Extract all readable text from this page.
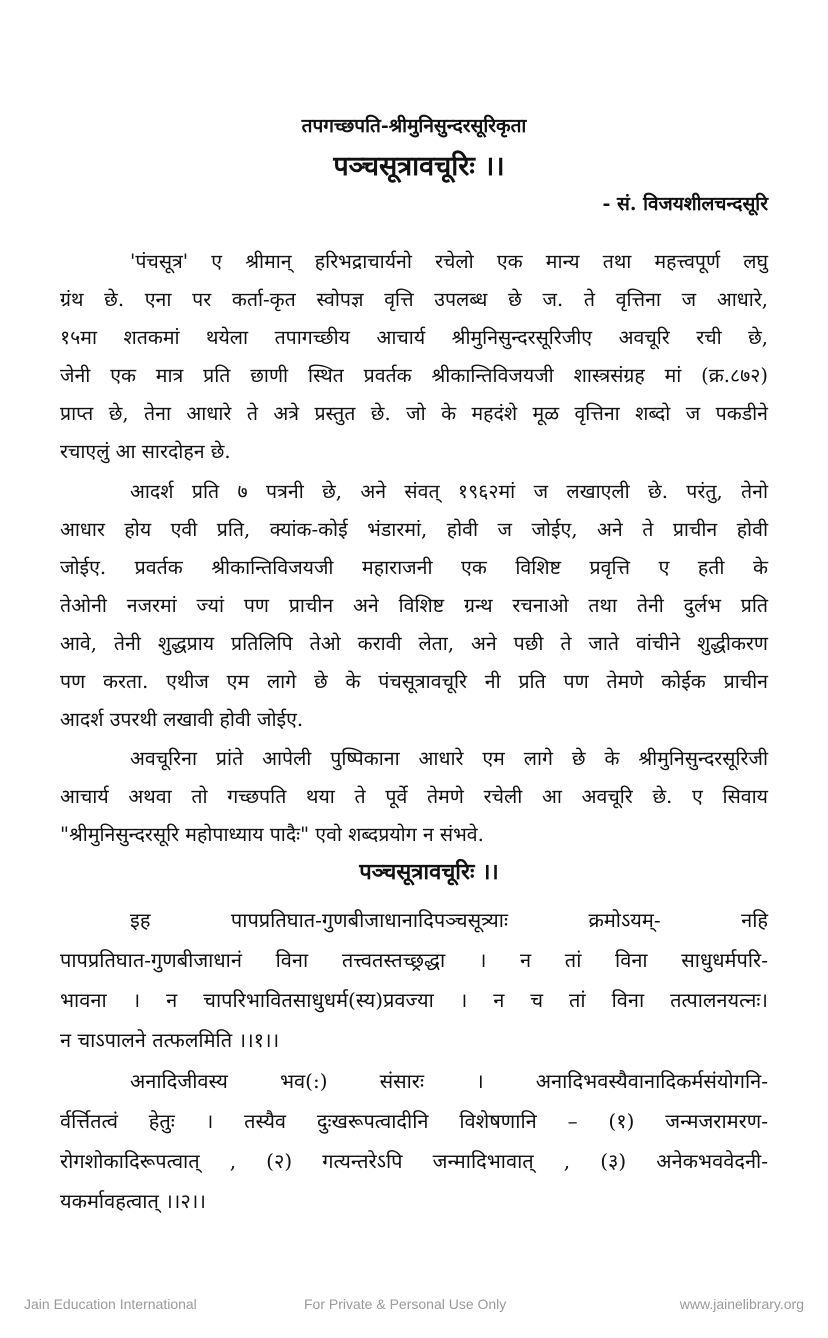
तपगच्छपति-श्रीमुनिसुन्दरसूरिकृता
पञ्चसूत्रावचूरिः ।।
- सं. विजयशीलचन्दसूरि
'पंचसूत्र' ए श्रीमान् हरिभद्राचार्यनो रचेलो एक मान्य तथा महत्त्वपूर्ण लघु
ग्रंथ छे. एना पर कर्ता-कृत स्वोपज्ञ वृत्ति उपलब्ध छे ज. ते वृत्तिना ज आधारे,
१५मा शतकमां थयेला तपागच्छीय आचार्य श्रीमुनिसुन्दरसूरिजीए अवचूरि रची छे,
जेनी एक मात्र प्रति छाणी स्थित प्रवर्तक श्रीकान्तिविजयजी शास्त्रसंग्रह मां (क्र.८७२)
प्राप्त छे, तेना आधारे ते अत्रे प्रस्तुत छे. जो के महदंशे मूळ वृत्तिना शब्दो ज पकडीने
रचाएलुं आ सारदोहन छे.
आदर्श प्रति ७ पत्रनी छे, अने संवत् १९६२मां ज लखाएली छे. परंतु, तेनो
आधार होय एवी प्रति, क्यांक-कोई भंडारमां, होवी ज जोईए, अने ते प्राचीन होवी
जोईए. प्रवर्तक श्रीकान्तिविजयजी महाराजनी एक विशिष्ट प्रवृत्ति ए हती के
तेओनी नजरमां ज्यां पण प्राचीन अने विशिष्ट ग्रन्थ रचनाओ तथा तेनी दुर्लभ प्रति
आवे, तेनी शुद्धप्राय प्रतिलिपि तेओ करावी लेता, अने पछी ते जाते वांचीने शुद्धीकरण
पण करता. एथीज एम लागे छे के पंचसूत्रावचूरि नी प्रति पण तेमणे कोईक प्राचीन
आदर्श उपरथी लखावी होवी जोईए.
अवचूरिना प्रांते आपेली पुष्पिकाना आधारे एम लागे छे के श्रीमुनिसुन्दरसूरिजी
आचार्य अथवा तो गच्छपति थया ते पूर्वे तेमणे रचेली आ अवचूरि छे. ए सिवाय
"श्रीमुनिसुन्दरसूरि महोपाध्याय पादैः" एवो शब्दप्रयोग न संभवे.
पञ्चसूत्रावचूरिः ।।
इह पापप्रतिघात-गुणबीजाधानादिपञ्चसूत्र्याः क्रमोऽयम्- नहि
पापप्रतिघात-गुणबीजाधानं विना तत्त्वतस्तच्छ्रद्धा । न तां विना साधुधर्मपरि-
भावना । न चापरिभावितसाधुधर्म(स्य)प्रवज्या । न च तां विना तत्पालनयत्नः।
न चाऽपालने तत्फलमिति ।।१।।
अनादिजीवस्य भव(:) संसारः । अनादिभवस्यैवानादिकर्मसंयोगनि-
र्वर्त्तितत्वं हेतुः । तस्यैव दुःखरूपत्वादीनि विशेषणानि – (१) जन्मजरामरण-
रोगशोकादिरूपत्वात् , (२) गत्यन्तरेऽपि जन्मादिभावात् , (३) अनेकभववेदनी-
यकर्मावहत्वात् ।।२।।
Jain Education International	For Private & Personal Use Only	www.jainelibrary.org
